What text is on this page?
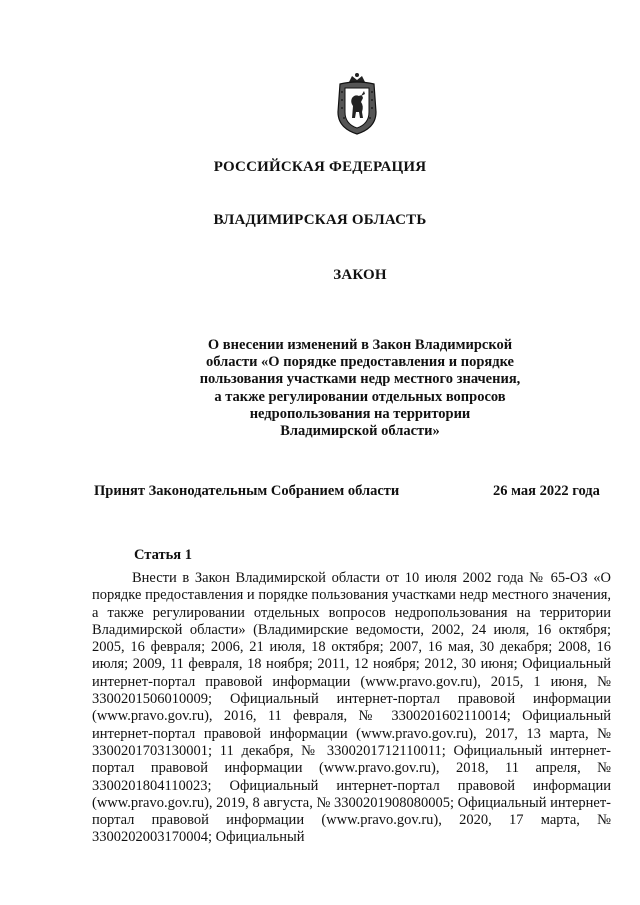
РОССИЙСКАЯ ФЕДЕРАЦИЯ
ВЛАДИМИРСКАЯ ОБЛАСТЬ
ЗАКОН
О внесении изменений в Закон Владимирской
области «О порядке предоставления и порядке
пользования участками недр местного значения,
а также регулировании отдельных вопросов
недропользования на территории
Владимирской области»
Принят Законодательным Собранием области	26 мая 2022 года
Статья 1

Внести в Закон Владимирской области от 10 июля 2002 года № 65-ОЗ «О порядке предоставления и порядке пользования участками недр местного значения, а также регулировании отдельных вопросов недропользования на территории Владимирской области» (Владимирские ведомости, 2002, 24 июля, 16 октября; 2005, 16 февраля; 2006, 21 июля, 18 октября; 2007, 16 мая, 30 декабря; 2008, 16 июля; 2009, 11 февраля, 18 ноября; 2011, 12 ноября; 2012, 30 июня; Официальный интернет-портал правовой информации (www.pravo.gov.ru), 2015, 1 июня, № 3300201506010009; Официальный интернет-портал правовой информации (www.pravo.gov.ru), 2016, 11 февраля, № 3300201602110014; Официальный интернет-портал правовой информации (www.pravo.gov.ru), 2017, 13 марта, № 3300201703130001; 11 декабря, № 3300201712110011; Официальный интернет-портал правовой информации (www.pravo.gov.ru), 2018, 11 апреля, № 3300201804110023; Официальный интернет-портал правовой информации (www.pravo.gov.ru), 2019, 8 августа, № 3300201908080005; Официальный интернет-портал правовой информации (www.pravo.gov.ru), 2020, 17 марта, № 3300202003170004; Официальный
